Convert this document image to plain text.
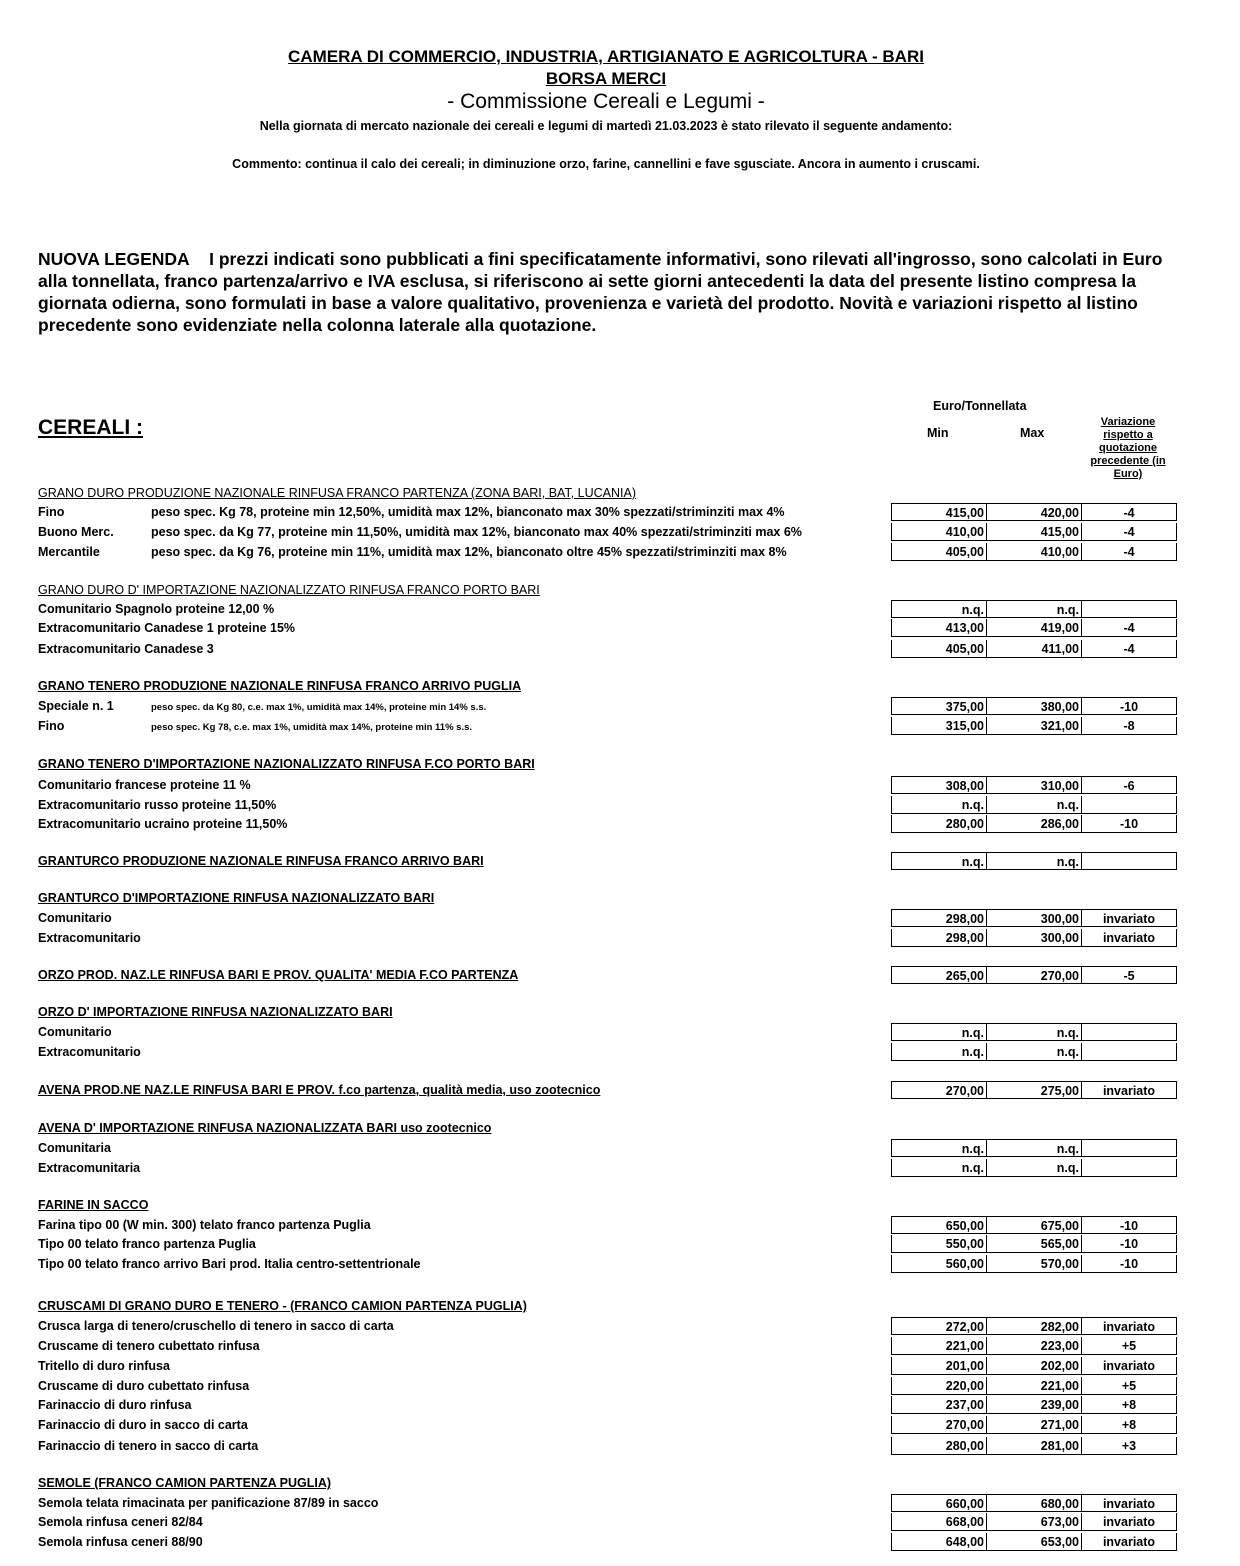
CAMERA DI COMMERCIO, INDUSTRIA, ARTIGIANATO E AGRICOLTURA - BARI
BORSA MERCI
- Commissione Cereali e Legumi -
Nella giornata di mercato nazionale dei cereali e legumi di martedì 21.03.2023 è stato rilevato il seguente andamento:
Commento: continua il calo dei cereali; in diminuzione orzo, farine, cannellini e fave sgusciate. Ancora in aumento i cruscami.
NUOVA LEGENDA I prezzi indicati sono pubblicati a fini specificatamente informativi, sono rilevati all'ingrosso, sono calcolati in Euro alla tonnellata, franco partenza/arrivo e IVA esclusa, si riferiscono ai sette giorni antecedenti la data del presente listino compresa la giornata odierna, sono formulati in base a valore qualitativo, provenienza e varietà del prodotto. Novità e variazioni rispetto al listino precedente sono evidenziate nella colonna laterale alla quotazione.
CEREALI :
Euro/Tonnellata
Min	Max
Variazione rispetto a quotazione precedente (in Euro)
GRANO DURO PRODUZIONE NAZIONALE RINFUSA FRANCO PARTENZA (ZONA BARI, BAT, LUCANIA)
Fino	peso spec. Kg 78, proteine min 12,50%, umidità max 12%, bianconato max 30% spezzati/striminziti max 4%	415,00	420,00	-4
Buono Merc.	peso spec. da Kg 77, proteine min 11,50%, umidità max 12%, bianconato max 40% spezzati/striminziti max 6%	410,00	415,00	-4
Mercantile	peso spec. da Kg 76, proteine min 11%, umidità max 12%, bianconato oltre 45% spezzati/striminziti max 8%	405,00	410,00	-4
GRANO DURO D' IMPORTAZIONE NAZIONALIZZATO RINFUSA FRANCO PORTO BARI
Comunitario Spagnolo proteine 12,00 %	n.q.	n.q.
Extracomunitario Canadese 1 proteine 15%	413,00	419,00	-4
Extracomunitario Canadese 3	405,00	411,00	-4
GRANO TENERO PRODUZIONE NAZIONALE RINFUSA FRANCO ARRIVO PUGLIA
Speciale n. 1	peso spec. da Kg 80, c.e. max 1%, umidità max 14%, proteine min 14% s.s.	375,00	380,00	-10
Fino	peso spec. Kg 78, c.e. max 1%, umidità max 14%, proteine min 11% s.s.	315,00	321,00	-8
GRANO TENERO D'IMPORTAZIONE NAZIONALIZZATO RINFUSA F.CO PORTO BARI
Comunitario francese proteine 11 %	308,00	310,00	-6
Extracomunitario russo proteine 11,50%	n.q.	n.q.
Extracomunitario ucraino proteine 11,50%	280,00	286,00	-10
GRANTURCO PRODUZIONE NAZIONALE RINFUSA FRANCO ARRIVO BARI	n.q.	n.q.
GRANTURCO D'IMPORTAZIONE RINFUSA NAZIONALIZZATO BARI
Comunitario	298,00	300,00	invariato
Extracomunitario	298,00	300,00	invariato
ORZO PROD. NAZ.LE RINFUSA BARI E PROV. QUALITA' MEDIA F.CO PARTENZA	265,00	270,00	-5
ORZO D' IMPORTAZIONE RINFUSA NAZIONALIZZATO BARI
Comunitario	n.q.	n.q.
Extracomunitario	n.q.	n.q.
AVENA PROD.NE NAZ.LE RINFUSA BARI E PROV. f.co partenza, qualità media, uso zootecnico	270,00	275,00	invariato
AVENA D' IMPORTAZIONE RINFUSA NAZIONALIZZATA BARI uso zootecnico
Comunitaria	n.q.	n.q.
Extracomunitaria	n.q.	n.q.
FARINE IN SACCO
Farina tipo 00 (W min. 300) telato franco partenza Puglia	650,00	675,00	-10
Tipo 00 telato franco partenza Puglia	550,00	565,00	-10
Tipo 00 telato franco arrivo Bari prod. Italia centro-settentrionale	560,00	570,00	-10
CRUSCAMI DI GRANO DURO E TENERO - (FRANCO CAMION PARTENZA PUGLIA)
Crusca larga di tenero/cruschello di tenero in sacco di carta	272,00	282,00	invariato
Cruscame di tenero cubettato rinfusa	221,00	223,00	+5
Tritello di duro rinfusa	201,00	202,00	invariato
Cruscame di duro cubettato rinfusa	220,00	221,00	+5
Farinaccio di duro rinfusa	237,00	239,00	+8
Farinaccio di duro in sacco di carta	270,00	271,00	+8
Farinaccio di tenero in sacco di carta	280,00	281,00	+3
SEMOLE (FRANCO CAMION PARTENZA PUGLIA)
Semola telata rimacinata per panificazione 87/89 in sacco	660,00	680,00	invariato
Semola rinfusa ceneri 82/84	668,00	673,00	invariato
Semola rinfusa ceneri 88/90	648,00	653,00	invariato
